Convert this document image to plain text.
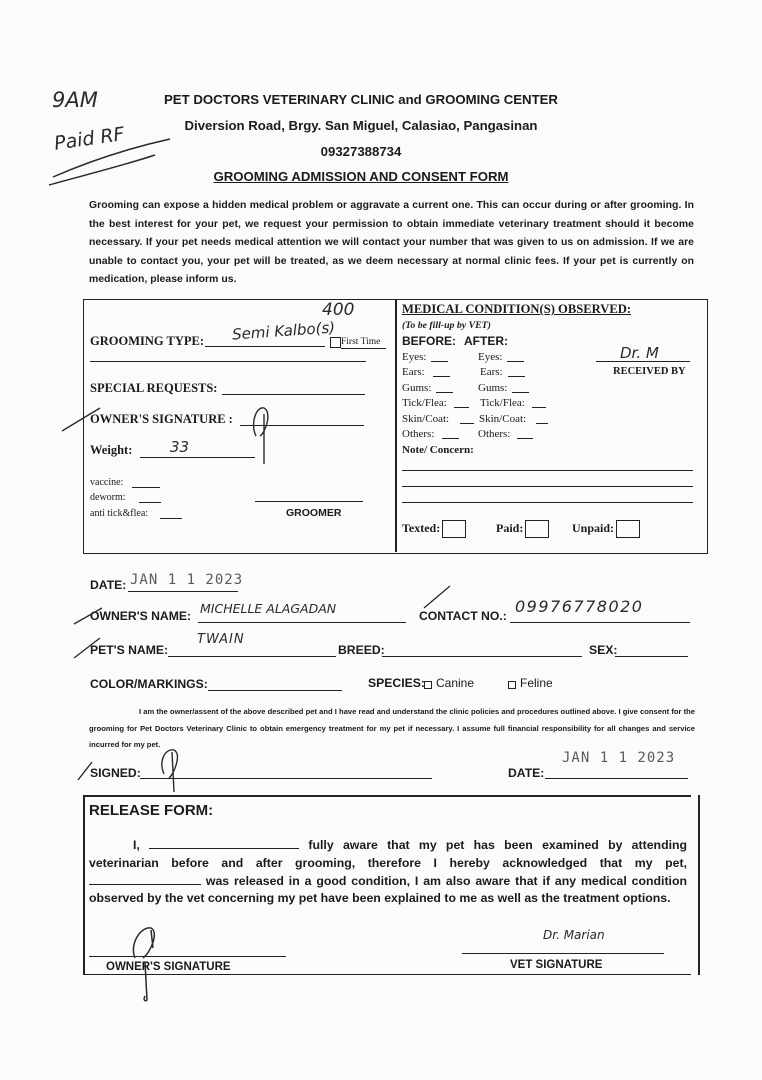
9AM
Paid RF
PET DOCTORS VETERINARY CLINIC and GROOMING CENTER
Diversion Road, Brgy. San Miguel, Calasiao, Pangasinan
09327388734
GROOMING ADMISSION AND CONSENT FORM
Grooming can expose a hidden medical problem or aggravate a current one. This can occur during or after grooming. In the best interest for your pet, we request your permission to obtain immediate veterinary treatment should it become necessary. If your pet needs medical attention we will contact your number that was given to us on admission. If we are unable to contact you, your pet will be treated, as we deem necessary at normal clinic fees. If your pet is currently on medication, please inform us.
GROOMING TYPE: Semi Kalbo(s)
400
First Time
SPECIAL REQUESTS:
OWNER'S SIGNATURE :
Weight:	33
vaccine:
deworm:
anti tick&flea:	GROOMER
MEDICAL CONDITION(S) OBSERVED:
(To be fill-up by VET)
BEFORE: AFTER:
Eyes:	Eyes:
Ears:	Ears:
Gums:	Gums:
Tick/Flea:	Tick/Flea:
Skin/Coat:	Skin/Coat:
Others:	Others:
Dr. M
RECEIVED BY
Note/ Concern:
Texted:	Paid:	Unpaid:
DATE: JAN 1 1 2023
OWNER'S NAME: MICHELLE ALAGADAN	CONTACT NO.: 09976778020
PET'S NAME:
TWAIN
BREED:	SEX:
COLOR/MARKINGS:	SPECIES: Canine	Feline
I am the owner/assent of the above described pet and I have read and understand the clinic policies and procedures outlined above. I give consent for the grooming for Pet Doctors Veterinary Clinic to obtain emergency treatment for my pet if necessary. I assume full financial responsibility for all changes and service incurred for my pet.
SIGNED:	DATE:
JAN 1 1 2023
RELEASE FORM:
I,	fully aware that my pet has been examined by attending veterinarian before and after grooming, therefore I hereby acknowledged that my pet,  was released in a good condition, I am also aware that if any medical condition observed by the vet concerning my pet have been explained to me as well as the treatment options.
OWNER'S SIGNATURE
Dr. Marian
VET SIGNATURE
